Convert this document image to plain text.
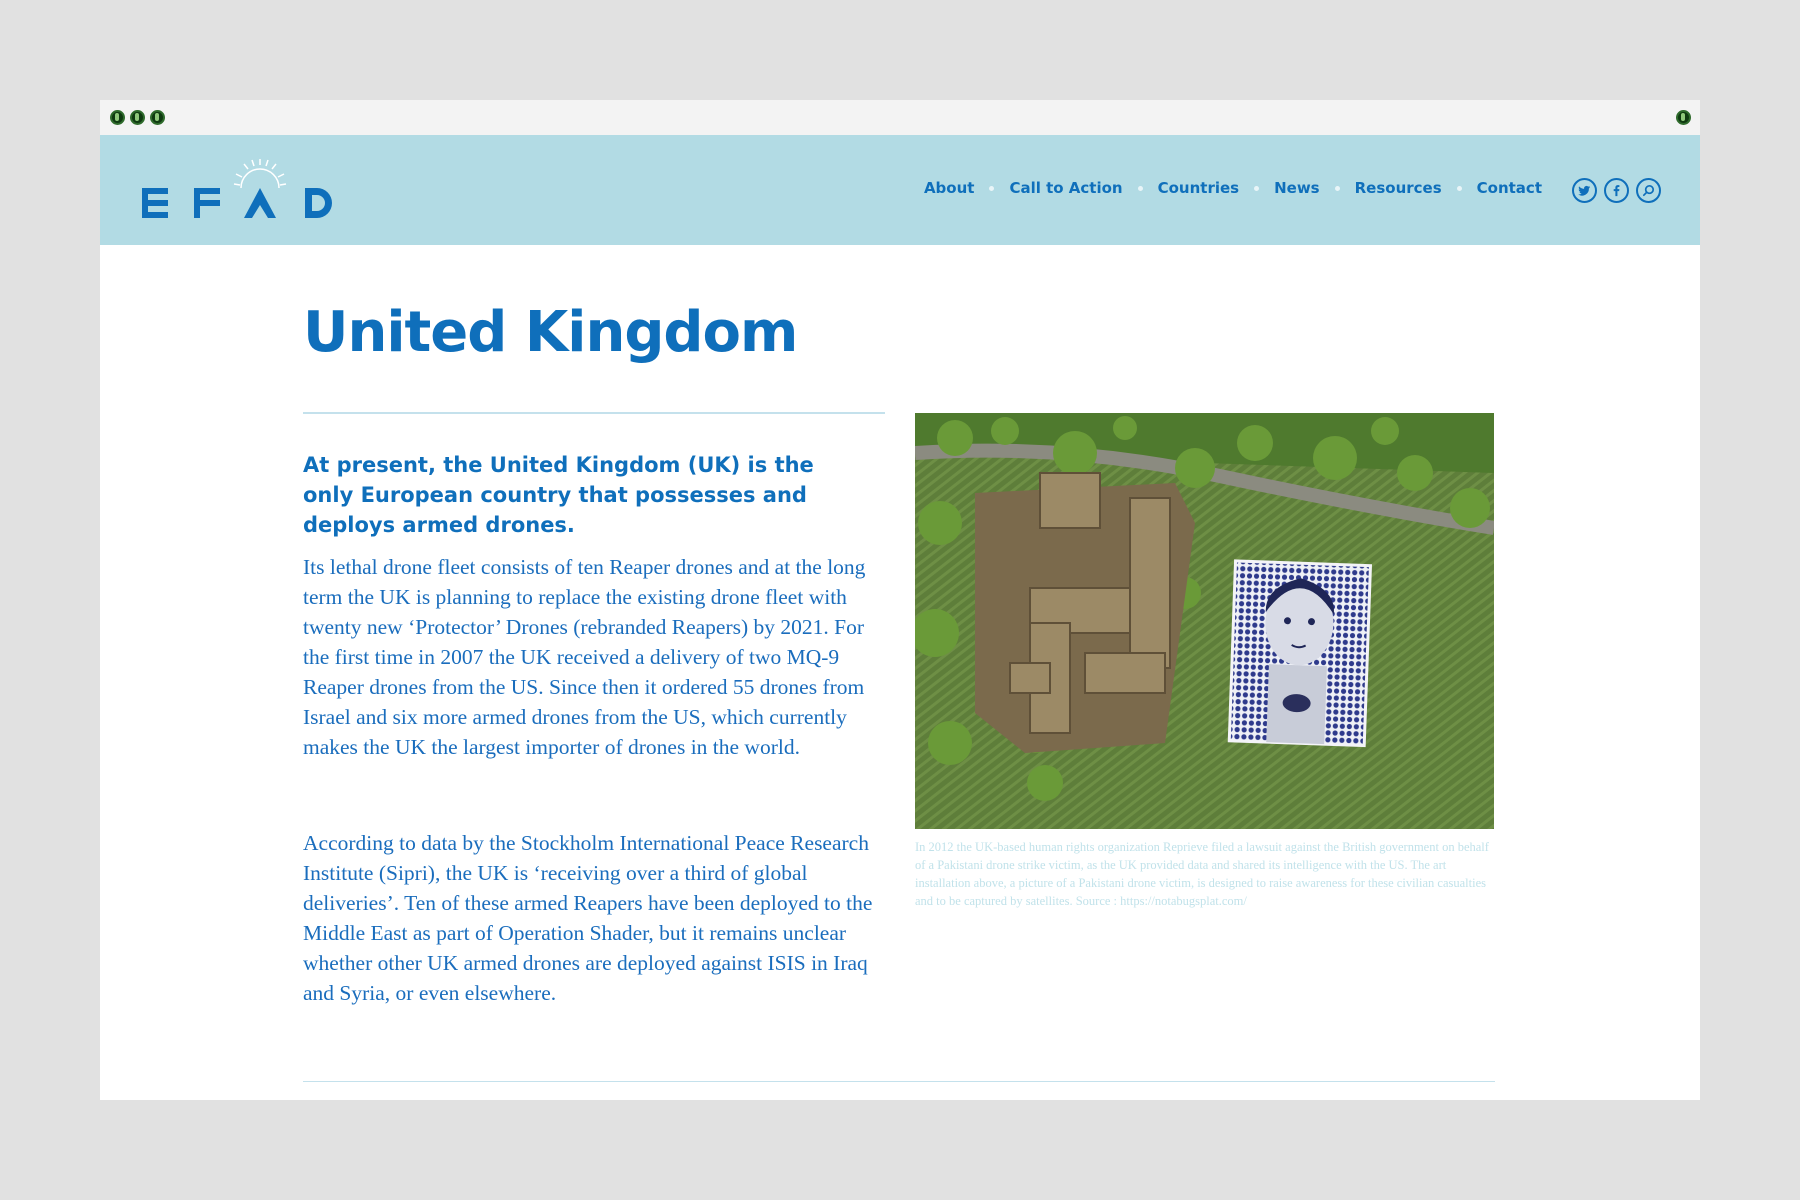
About Call to Action Countries News Resources Contact
United Kingdom

At present, the United Kingdom (UK) is the only European country that possesses and deploys armed drones.

Its lethal drone fleet consists of ten Reaper drones and at the long term the UK is planning to replace the existing drone fleet with twenty new ‘Protector’ Drones (rebranded Reapers) by 2021. For the first time in 2007 the UK received a delivery of two MQ-9 Reaper drones from the US. Since then it ordered 55 drones from Israel and six more armed drones from the US, which currently makes the UK the largest importer of drones in the world.

According to data by the Stockholm International Peace Research Institute (Sipri), the UK is ‘receiving over a third of global deliveries’. Ten of these armed Reapers have been deployed to the Middle East as part of Operation Shader, but it remains unclear whether other UK armed drones are deployed against ISIS in Iraq and Syria, or even elsewhere.

In 2012 the UK-based human rights organization Reprieve filed a lawsuit against the British government on behalf of a Pakistani drone strike victim, as the UK provided data and shared its intelligence with the US. The art installation above, a picture of a Pakistani drone victim, is designed to raise awareness for these civilian casualties and to be captured by satellites. Source : https://notabugsplat.com/
